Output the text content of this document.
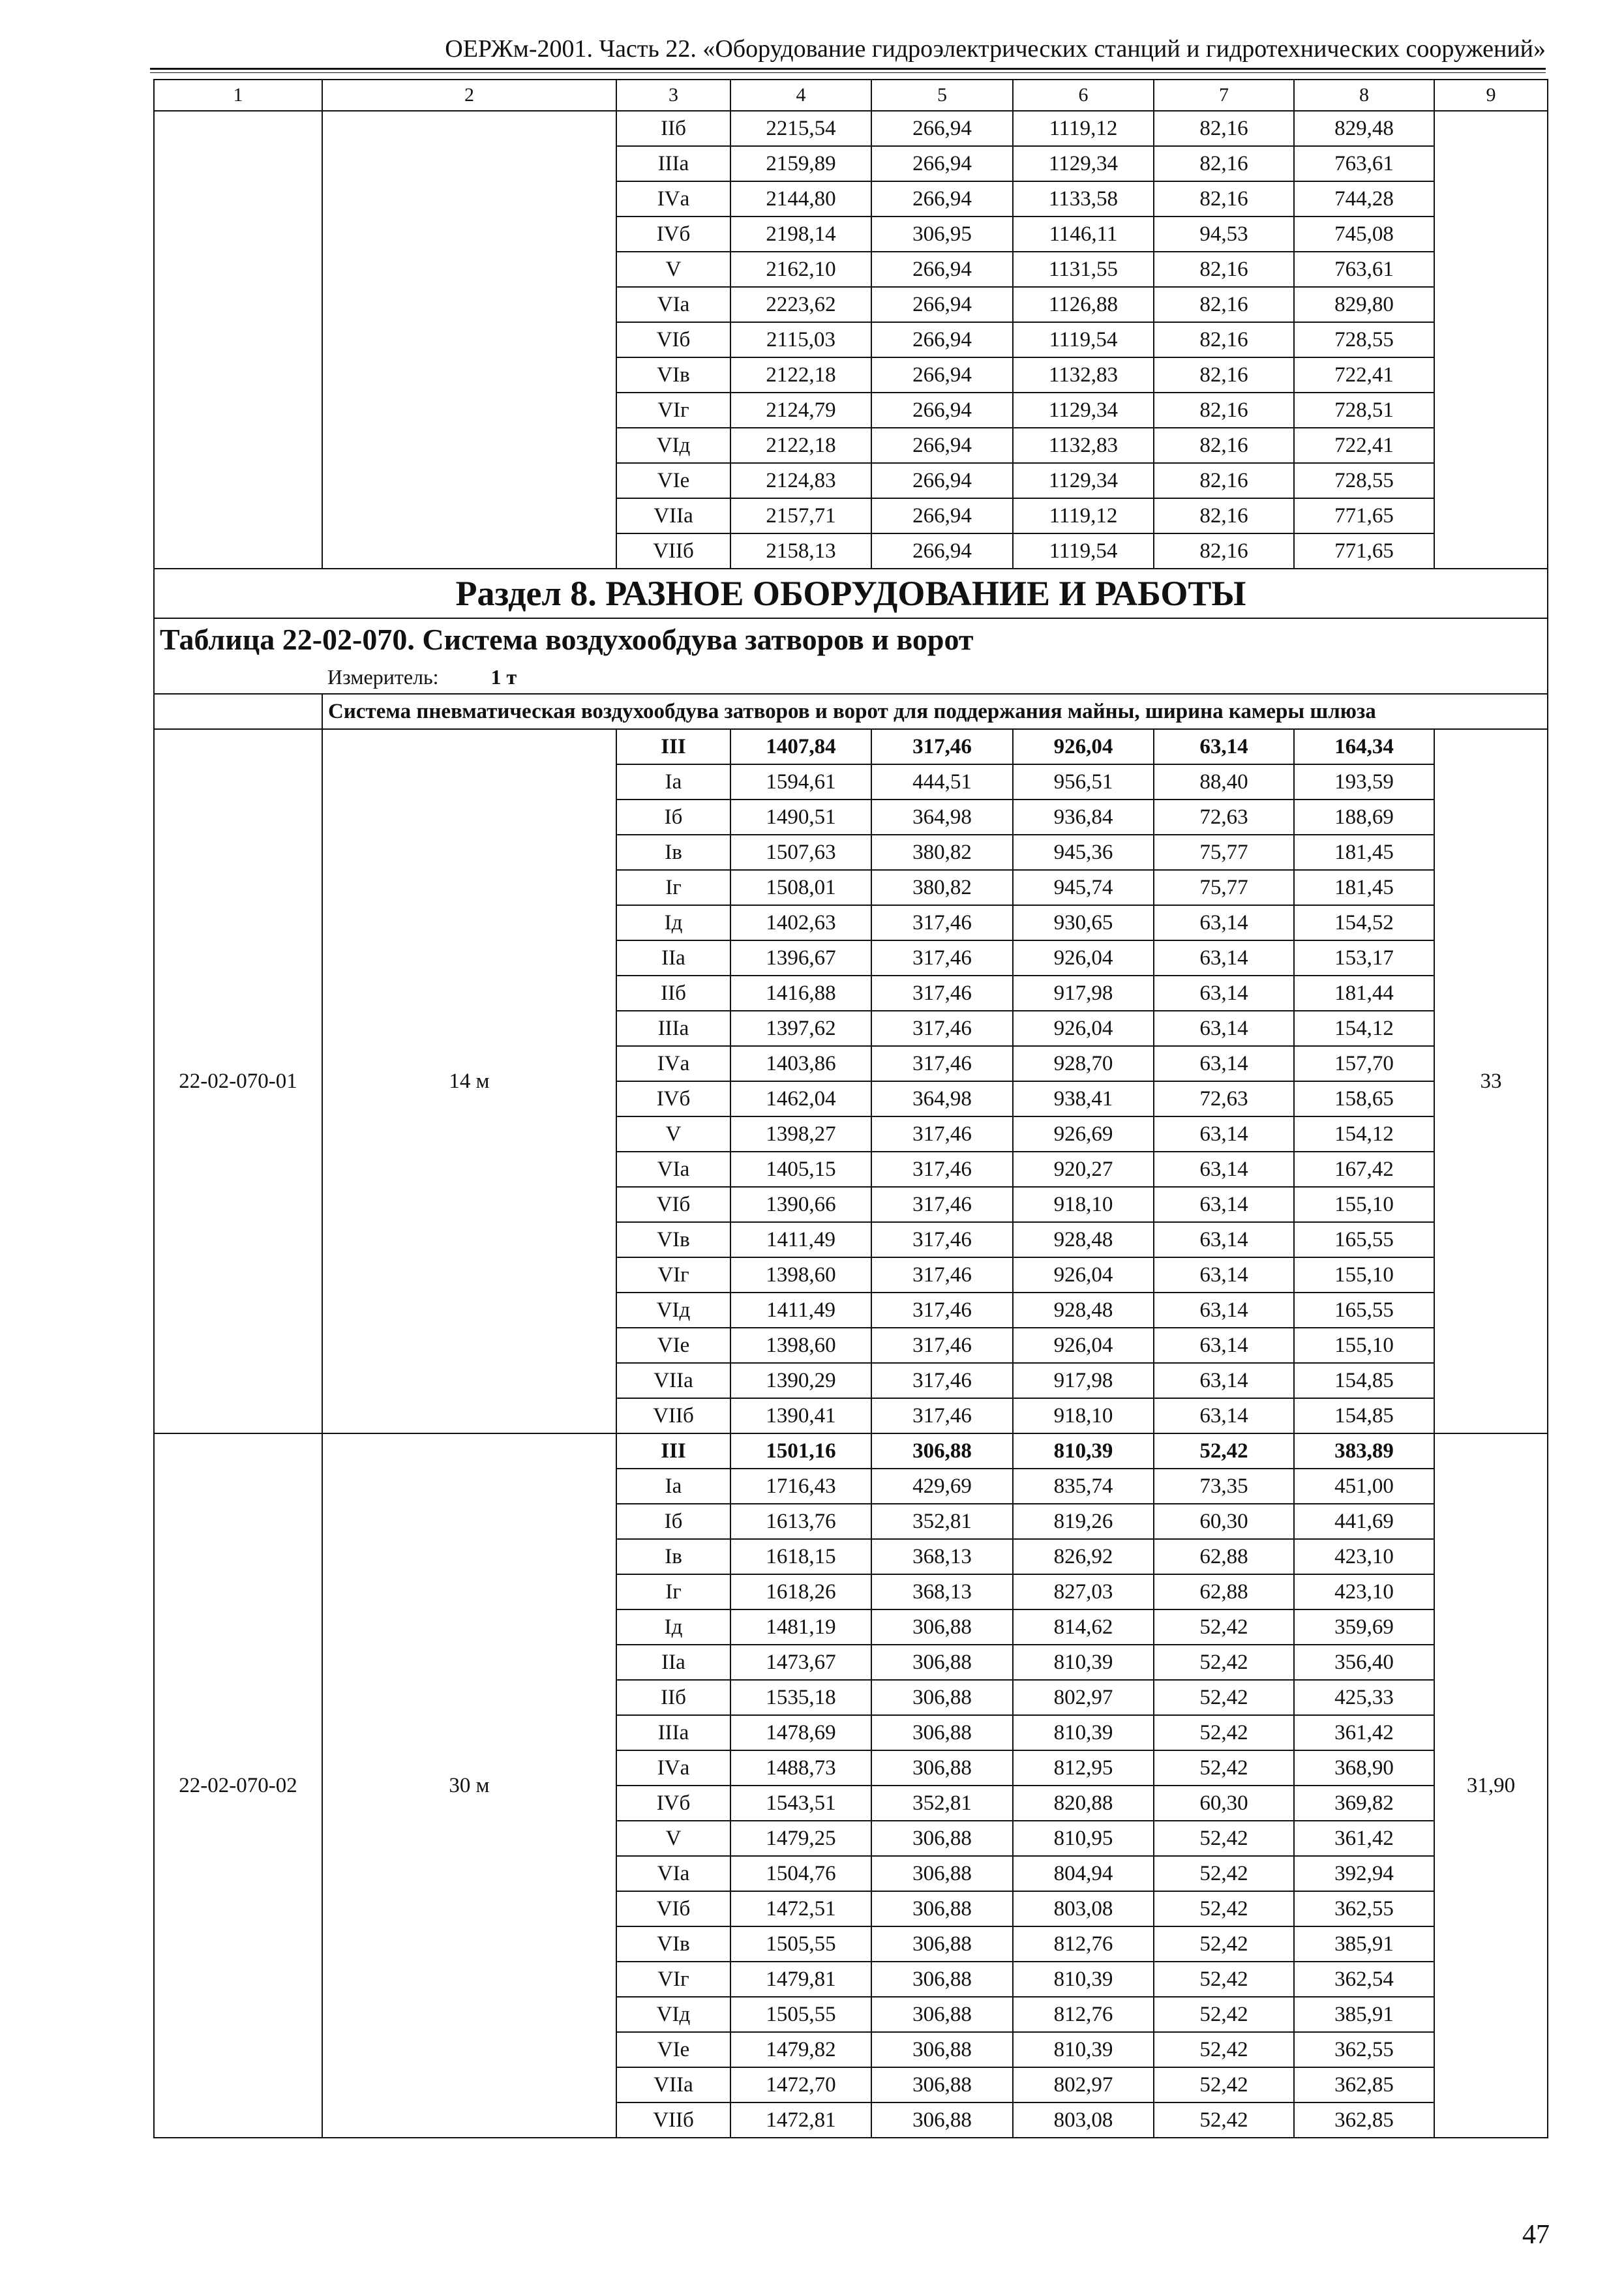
ОЕРЖм-2001. Часть 22. «Оборудование гидроэлектрических станций и гидротехнических сооружений»
1	2	3	4	5	6	7	8	9
		IIб	2215,54	266,94	1119,12	82,16	829,48	
		IIIа	2159,89	266,94	1129,34	82,16	763,61	
		IVа	2144,80	266,94	1133,58	82,16	744,28	
		IVб	2198,14	306,95	1146,11	94,53	745,08	
		V	2162,10	266,94	1131,55	82,16	763,61	
		VIа	2223,62	266,94	1126,88	82,16	829,80	
		VIб	2115,03	266,94	1119,54	82,16	728,55	
		VIв	2122,18	266,94	1132,83	82,16	722,41	
		VIг	2124,79	266,94	1129,34	82,16	728,51	
		VIд	2122,18	266,94	1132,83	82,16	722,41	
		VIе	2124,83	266,94	1129,34	82,16	728,55	
		VIIа	2157,71	266,94	1119,12	82,16	771,65	
		VIIб	2158,13	266,94	1119,54	82,16	771,65	
Раздел 8. РАЗНОЕ ОБОРУДОВАНИЕ И РАБОТЫ								
Таблица 22-02-070. Система воздухообдува затворов и ворот								
Измеритель: 1 т								
	Система пневматическая воздухообдува затворов и ворот для поддержания майны, ширина камеры шлюза							
22-02-070-01	14 м	III	1407,84	317,46	926,04	63,14	164,34	33
		Iа	1594,61	444,51	956,51	88,40	193,59	
		Iб	1490,51	364,98	936,84	72,63	188,69	
		Iв	1507,63	380,82	945,36	75,77	181,45	
		Iг	1508,01	380,82	945,74	75,77	181,45	
		Iд	1402,63	317,46	930,65	63,14	154,52	
		IIа	1396,67	317,46	926,04	63,14	153,17	
		IIб	1416,88	317,46	917,98	63,14	181,44	
		IIIа	1397,62	317,46	926,04	63,14	154,12	
		IVа	1403,86	317,46	928,70	63,14	157,70	
		IVб	1462,04	364,98	938,41	72,63	158,65	
		V	1398,27	317,46	926,69	63,14	154,12	
		VIа	1405,15	317,46	920,27	63,14	167,42	
		VIб	1390,66	317,46	918,10	63,14	155,10	
		VIв	1411,49	317,46	928,48	63,14	165,55	
		VIг	1398,60	317,46	926,04	63,14	155,10	
		VIд	1411,49	317,46	928,48	63,14	165,55	
		VIе	1398,60	317,46	926,04	63,14	155,10	
		VIIа	1390,29	317,46	917,98	63,14	154,85	
		VIIб	1390,41	317,46	918,10	63,14	154,85	
22-02-070-02	30 м	III	1501,16	306,88	810,39	52,42	383,89	31,90
		Iа	1716,43	429,69	835,74	73,35	451,00	
		Iб	1613,76	352,81	819,26	60,30	441,69	
		Iв	1618,15	368,13	826,92	62,88	423,10	
		Iг	1618,26	368,13	827,03	62,88	423,10	
		Iд	1481,19	306,88	814,62	52,42	359,69	
		IIа	1473,67	306,88	810,39	52,42	356,40	
		IIб	1535,18	306,88	802,97	52,42	425,33	
		IIIа	1478,69	306,88	810,39	52,42	361,42	
		IVа	1488,73	306,88	812,95	52,42	368,90	
		IVб	1543,51	352,81	820,88	60,30	369,82	
		V	1479,25	306,88	810,95	52,42	361,42	
		VIа	1504,76	306,88	804,94	52,42	392,94	
		VIб	1472,51	306,88	803,08	52,42	362,55	
		VIв	1505,55	306,88	812,76	52,42	385,91	
		VIг	1479,81	306,88	810,39	52,42	362,54	
		VIд	1505,55	306,88	812,76	52,42	385,91	
		VIе	1479,82	306,88	810,39	52,42	362,55	
		VIIа	1472,70	306,88	802,97	52,42	362,85	
		VIIб	1472,81	306,88	803,08	52,42	362,85	
47
